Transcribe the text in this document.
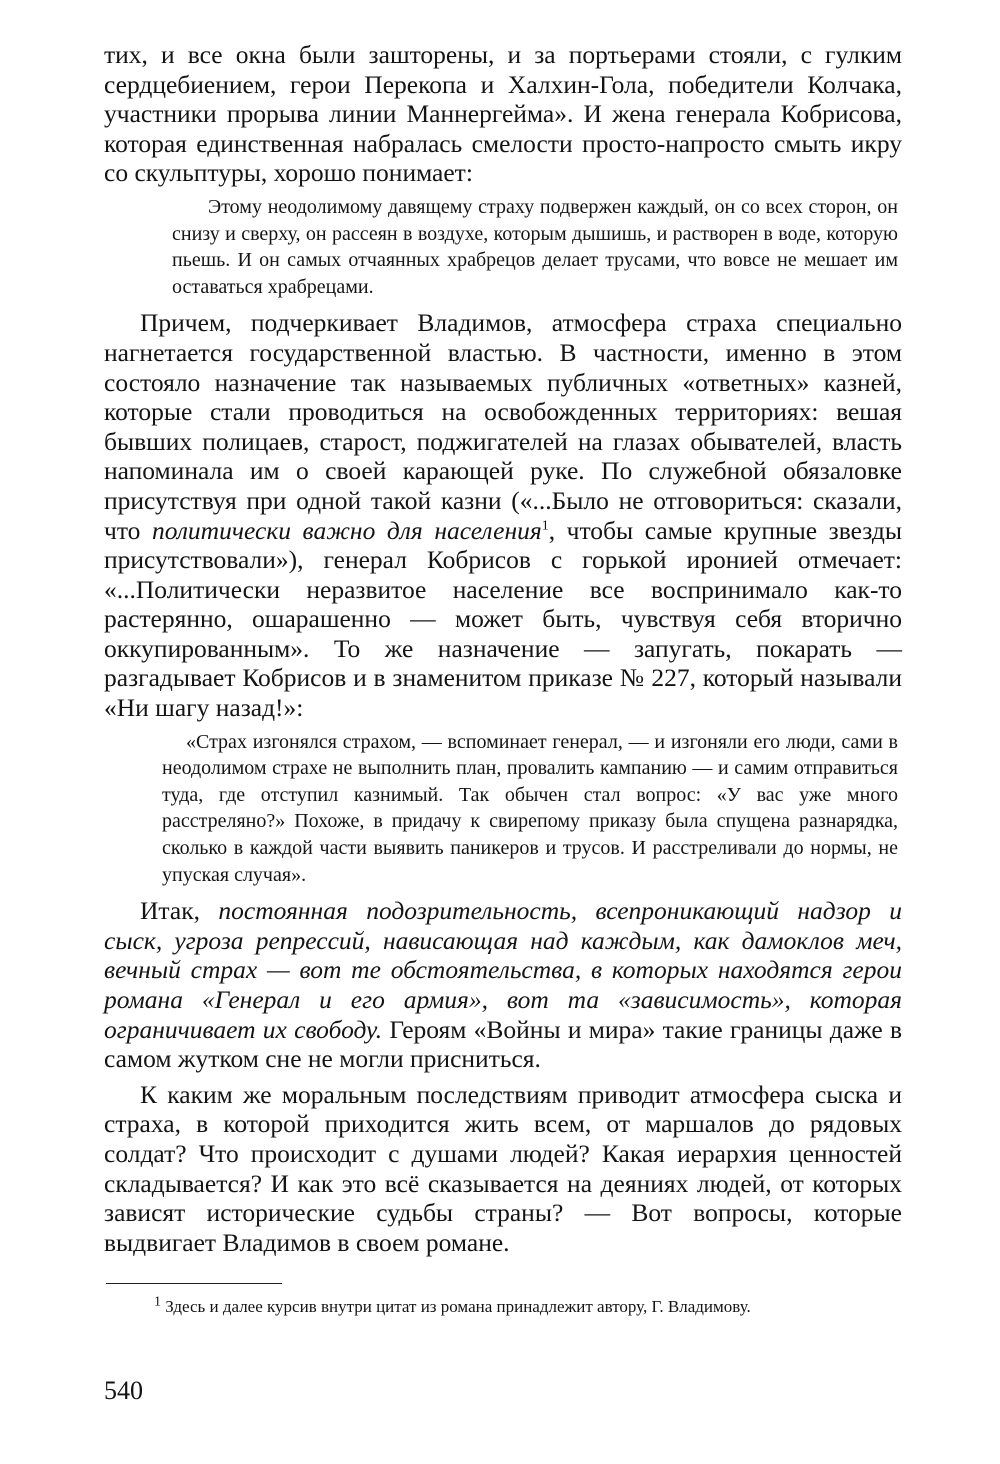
тих, и все окна были зашторены, и за портьерами стояли, с гулким сердцебиением, герои Перекопа и Халхин-Гола, победители Колчака, участники прорыва линии Маннергейма». И жена генерала Кобрисова, которая единственная набралась смелости просто-напросто смыть икру со скульптуры, хорошо понимает:

Этому неодолимому давящему страху подвержен каждый, он со всех сторон, он снизу и сверху, он рассеян в воздухе, которым дышишь, и растворен в воде, которую пьешь. И он самых отчаянных храбрецов делает трусами, что вовсе не мешает им оставаться храбрецами.

Причем, подчеркивает Владимов, атмосфера страха специально нагнетается государственной властью. В частности, именно в этом состояло назначение так называемых публичных «ответных» казней, которые стали проводиться на освобожденных территориях: вешая бывших полицаев, старост, поджигателей на глазах обывателей, власть напоминала им о своей карающей руке. По служебной обязаловке присутствуя при одной такой казни («...Было не отговориться: сказали, что политически важно для населения$^1$, чтобы самые крупные звезды присутствовали»), генерал Кобрисов с горькой иронией отмечает: «...Политически неразвитое население все воспринимало как-то растерянно, ошарашенно — может быть, чувствуя себя вторично оккупированным». То же назначение — запугать, покарать — разгадывает Кобрисов и в знаменитом приказе № 227, который называли «Ни шагу назад!»:

«Страх изгонялся страхом, — вспоминает генерал, — и изгоняли его люди, сами в неодолимом страхе не выполнить план, провалить кампанию — и самим отправиться туда, где отступил казнимый. Так обычен стал вопрос: «У вас уже много расстреляно?» Похоже, в придачу к свирепому приказу была спущена разнарядка, сколько в каждой части выявить паникеров и трусов. И расстреливали до нормы, не упуская случая».

Итак, постоянная подозрительность, всепроникающий надзор и сыск, угроза репрессий, нависающая над каждым, как дамоклов меч, вечный страх — вот те обстоятельства, в которых находятся герои романа «Генерал и его армия», вот та «зависимость», которая ограничивает их свободу. Героям «Войны и мира» такие границы даже в самом жутком сне не могли присниться.

К каким же моральным последствиям приводит атмосфера сыска и страха, в которой приходится жить всем, от маршалов до рядовых солдат? Что происходит с душами людей? Какая иерархия ценностей складывается? И как это всё сказывается на деяниях людей, от которых зависят исторические судьбы страны? — Вот вопросы, которые выдвигает Владимов в своем романе.

$^1$ Здесь и далее курсив внутри цитат из романа принадлежит автору, Г. Владимову.

540
